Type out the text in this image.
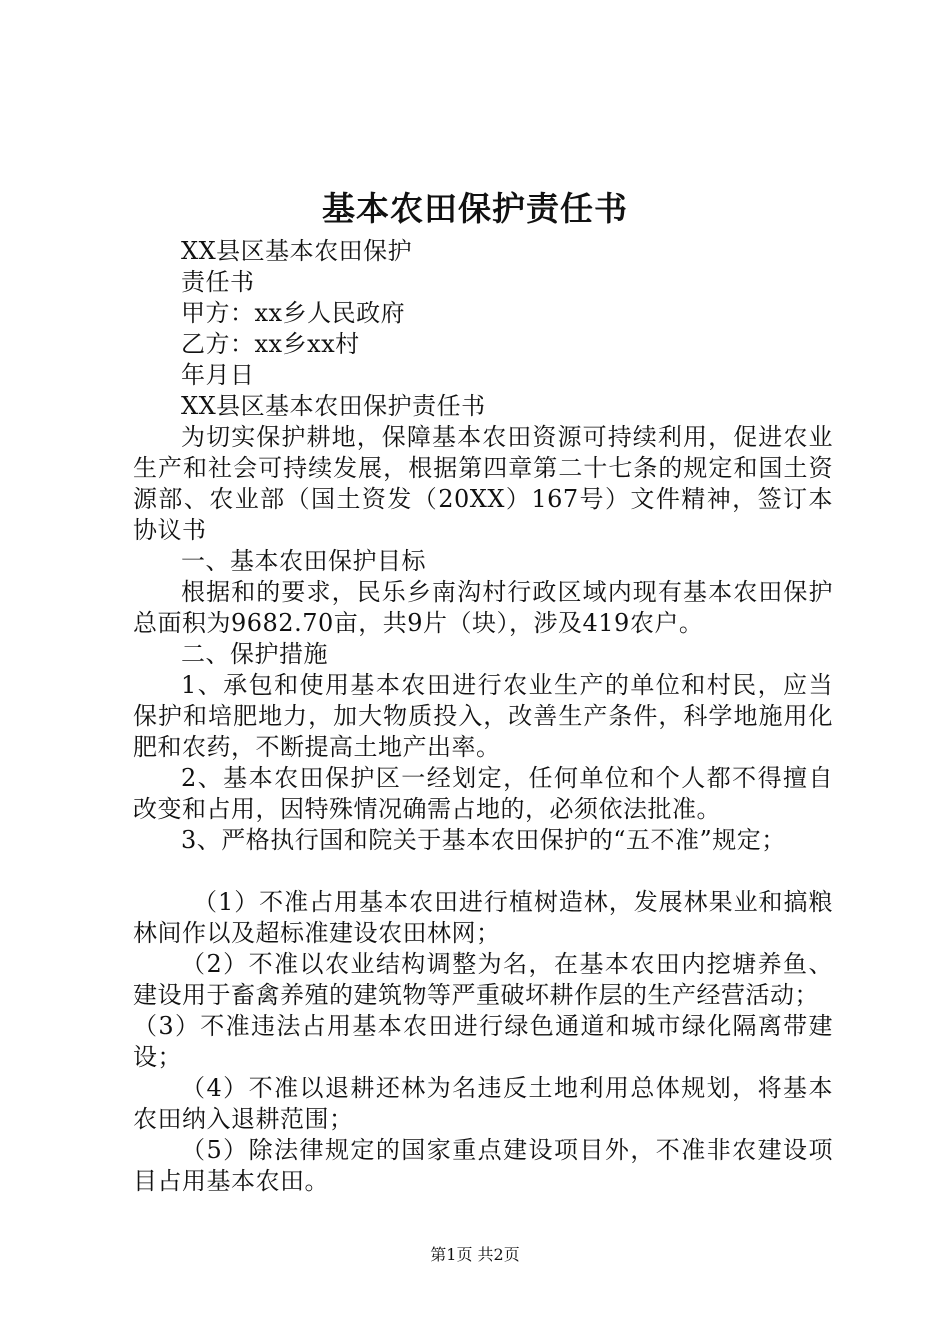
基本农田保护责任书

XX县区基本农田保护

责任书

甲方：xx乡人民政府

乙方：xx乡xx村

年月日

XX县区基本农田保护责任书

为切实保护耕地，保障基本农田资源可持续利用，促进农业生产和社会可持续发展，根据第四章第二十七条的规定和国土资源部、农业部（国土资发（20XX）167号）文件精神，签订本协议书

一、基本农田保护目标

根据和的要求，民乐乡南沟村行政区域内现有基本农田保护总面积为9682.70亩，共9片（块），涉及419农户。

二、保护措施

1、承包和使用基本农田进行农业生产的单位和村民，应当保护和培肥地力，加大物质投入，改善生产条件，科学地施用化肥和农药，不断提高土地产出率。

2、基本农田保护区一经划定，任何单位和个人都不得擅自改变和占用，因特殊情况确需占地的，必须依法批准。

3、严格执行国和院关于基本农田保护的“五不准”规定；

（1）不准占用基本农田进行植树造林，发展林果业和搞粮林间作以及超标准建设农田林网；

（2）不准以农业结构调整为名，在基本农田内挖塘养鱼、建设用于畜禽养殖的建筑物等严重破坏耕作层的生产经营活动；

（3）不准违法占用基本农田进行绿色通道和城市绿化隔离带建设；

（4）不准以退耕还林为名违反土地利用总体规划，将基本农田纳入退耕范围；

（5）除法律规定的国家重点建设项目外，不准非农建设项目占用基本农田。

第1页 共2页
